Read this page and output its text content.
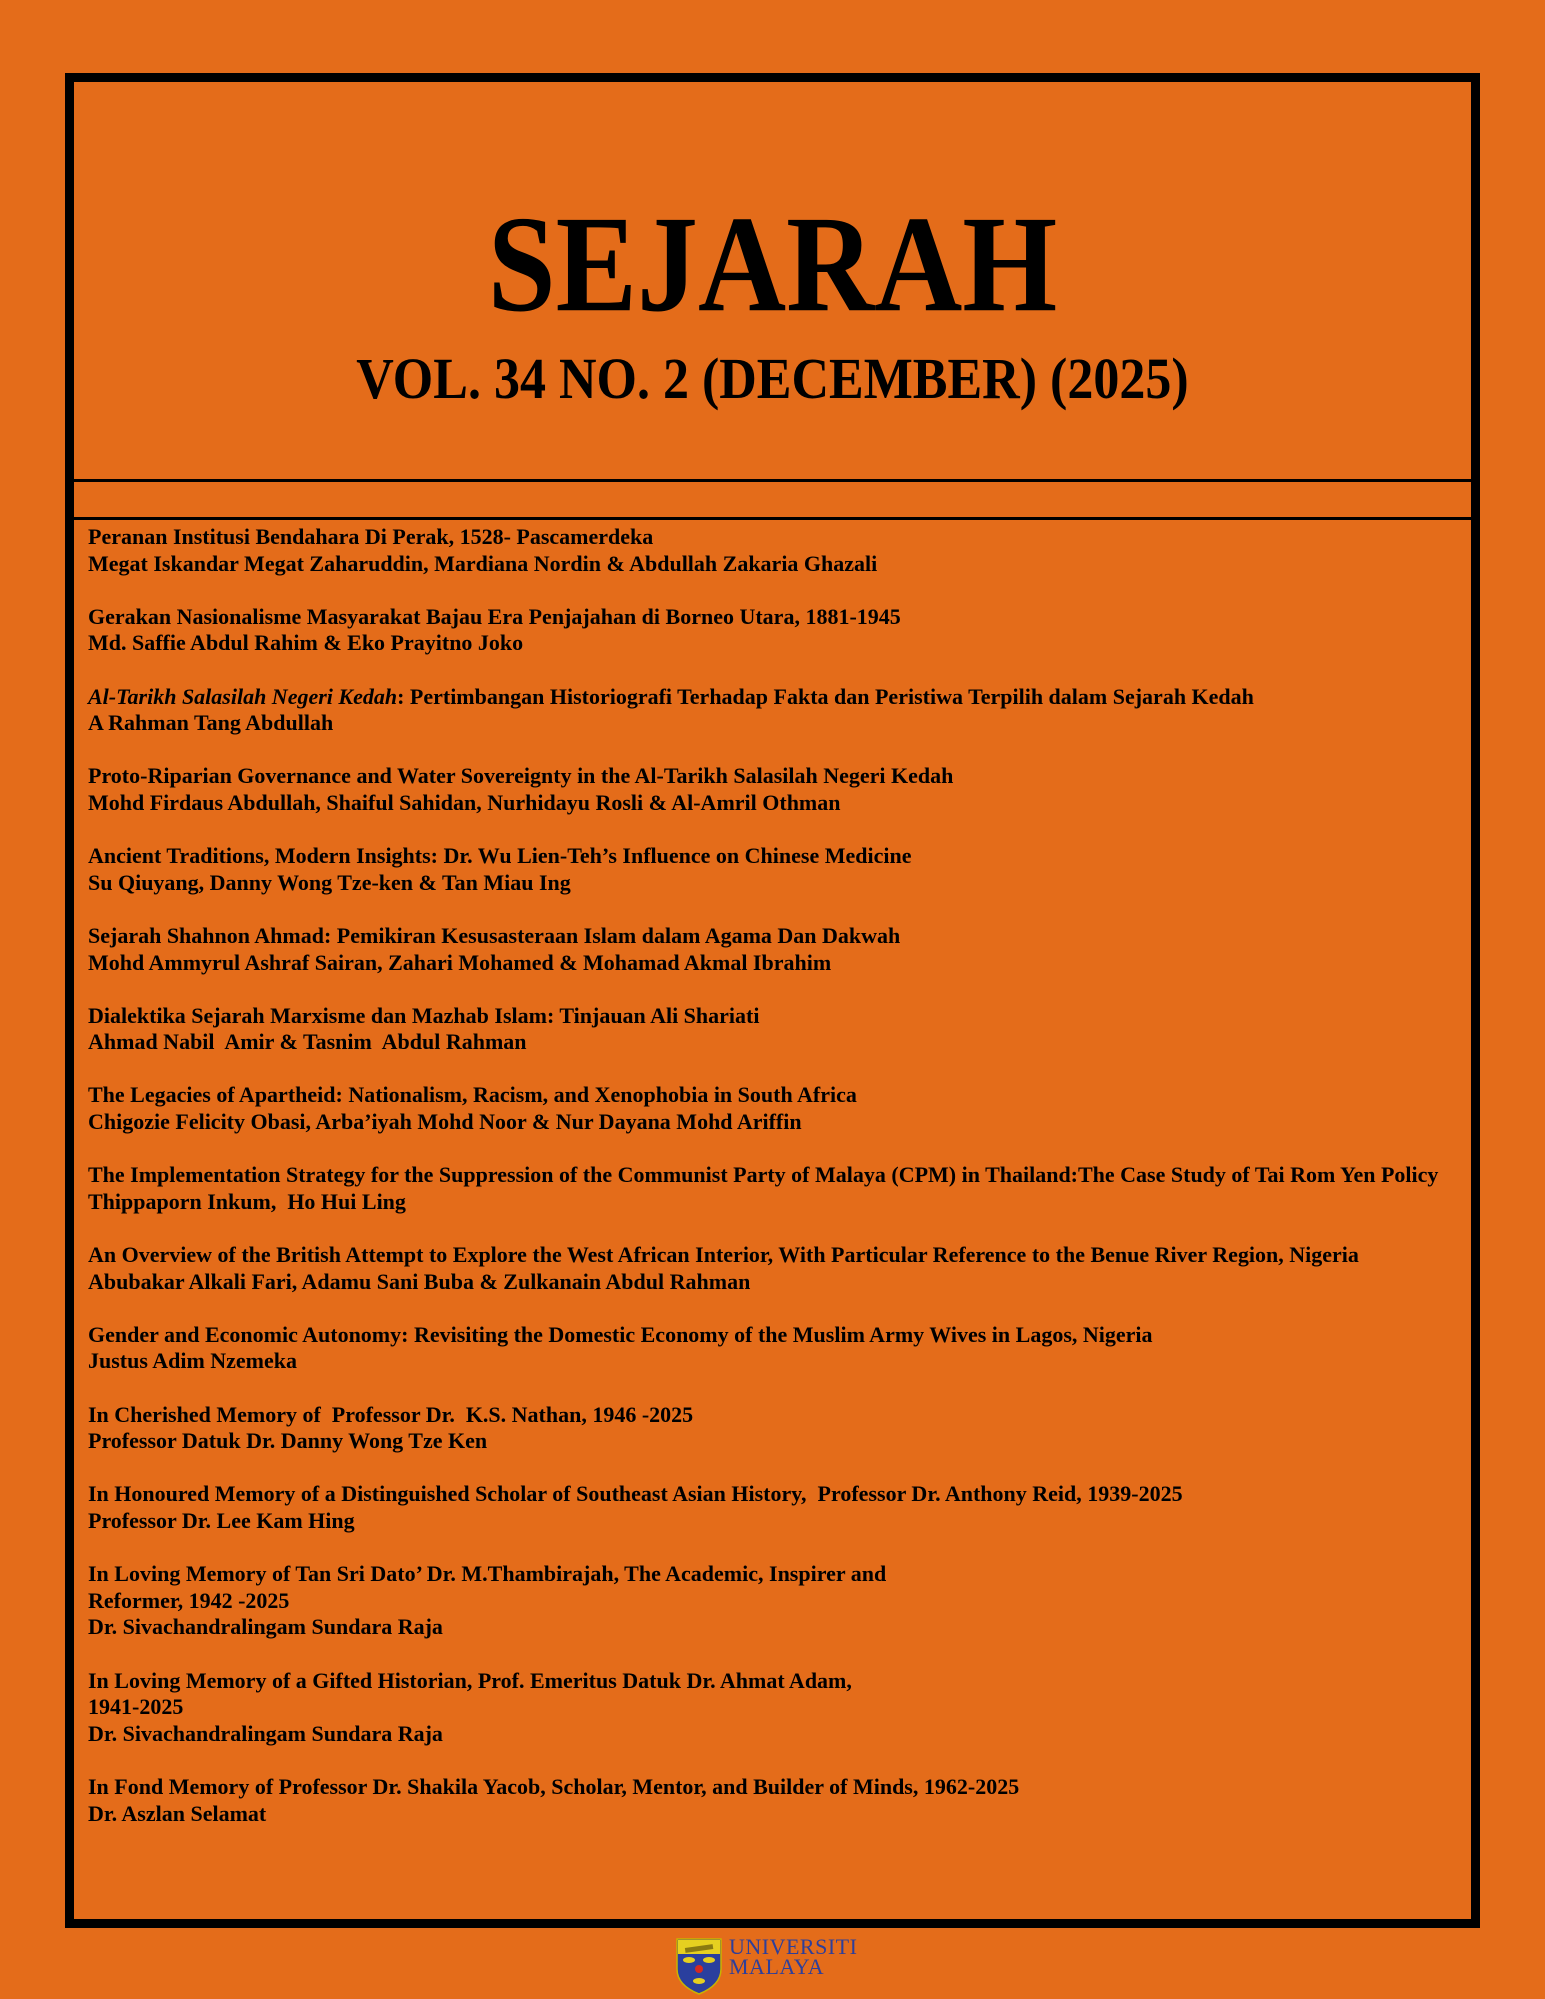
SEJARAH
VOL. 34 NO. 2 (DECEMBER) (2025)
Peranan Institusi Bendahara Di Perak, 1528- Pascamerdeka
Megat Iskandar Megat Zaharuddin, Mardiana Nordin & Abdullah Zakaria Ghazali
Gerakan Nasionalisme Masyarakat Bajau Era Penjajahan di Borneo Utara, 1881-1945
Md. Saffie Abdul Rahim & Eko Prayitno Joko
Al-Tarikh Salasilah Negeri Kedah: Pertimbangan Historiografi Terhadap Fakta dan Peristiwa Terpilih dalam Sejarah Kedah
A Rahman Tang Abdullah
Proto-Riparian Governance and Water Sovereignty in the Al-Tarikh Salasilah Negeri Kedah
Mohd Firdaus Abdullah, Shaiful Sahidan, Nurhidayu Rosli & Al-Amril Othman
Ancient Traditions, Modern Insights: Dr. Wu Lien-Teh’s Influence on Chinese Medicine
Su Qiuyang, Danny Wong Tze-ken & Tan Miau Ing
Sejarah Shahnon Ahmad: Pemikiran Kesusasteraan Islam dalam Agama Dan Dakwah
Mohd Ammyrul Ashraf Sairan, Zahari Mohamed & Mohamad Akmal Ibrahim
Dialektika Sejarah Marxisme dan Mazhab Islam: Tinjauan Ali Shariati
Ahmad Nabil  Amir & Tasnim  Abdul Rahman
The Legacies of Apartheid: Nationalism, Racism, and Xenophobia in South Africa
Chigozie Felicity Obasi, Arba’iyah Mohd Noor & Nur Dayana Mohd Ariffin
The Implementation Strategy for the Suppression of the Communist Party of Malaya (CPM) in Thailand:The Case Study of Tai Rom Yen Policy
Thippaporn Inkum,  Ho Hui Ling
An Overview of the British Attempt to Explore the West African Interior, With Particular Reference to the Benue River Region, Nigeria
Abubakar Alkali Fari, Adamu Sani Buba & Zulkanain Abdul Rahman
Gender and Economic Autonomy: Revisiting the Domestic Economy of the Muslim Army Wives in Lagos, Nigeria
Justus Adim Nzemeka
In Cherished Memory of  Professor Dr.  K.S. Nathan, 1946 -2025
Professor Datuk Dr. Danny Wong Tze Ken
In Honoured Memory of a Distinguished Scholar of Southeast Asian History,  Professor Dr. Anthony Reid, 1939-2025
Professor Dr. Lee Kam Hing
In Loving Memory of Tan Sri Dato’ Dr. M.Thambirajah, The Academic, Inspirer and
Reformer, 1942 -2025
Dr. Sivachandralingam Sundara Raja
In Loving Memory of a Gifted Historian, Prof. Emeritus Datuk Dr. Ahmat Adam,
1941-2025
Dr. Sivachandralingam Sundara Raja
In Fond Memory of Professor Dr. Shakila Yacob, Scholar, Mentor, and Builder of Minds, 1962-2025
Dr. Aszlan Selamat
UNIVERSITI
MALAYA
